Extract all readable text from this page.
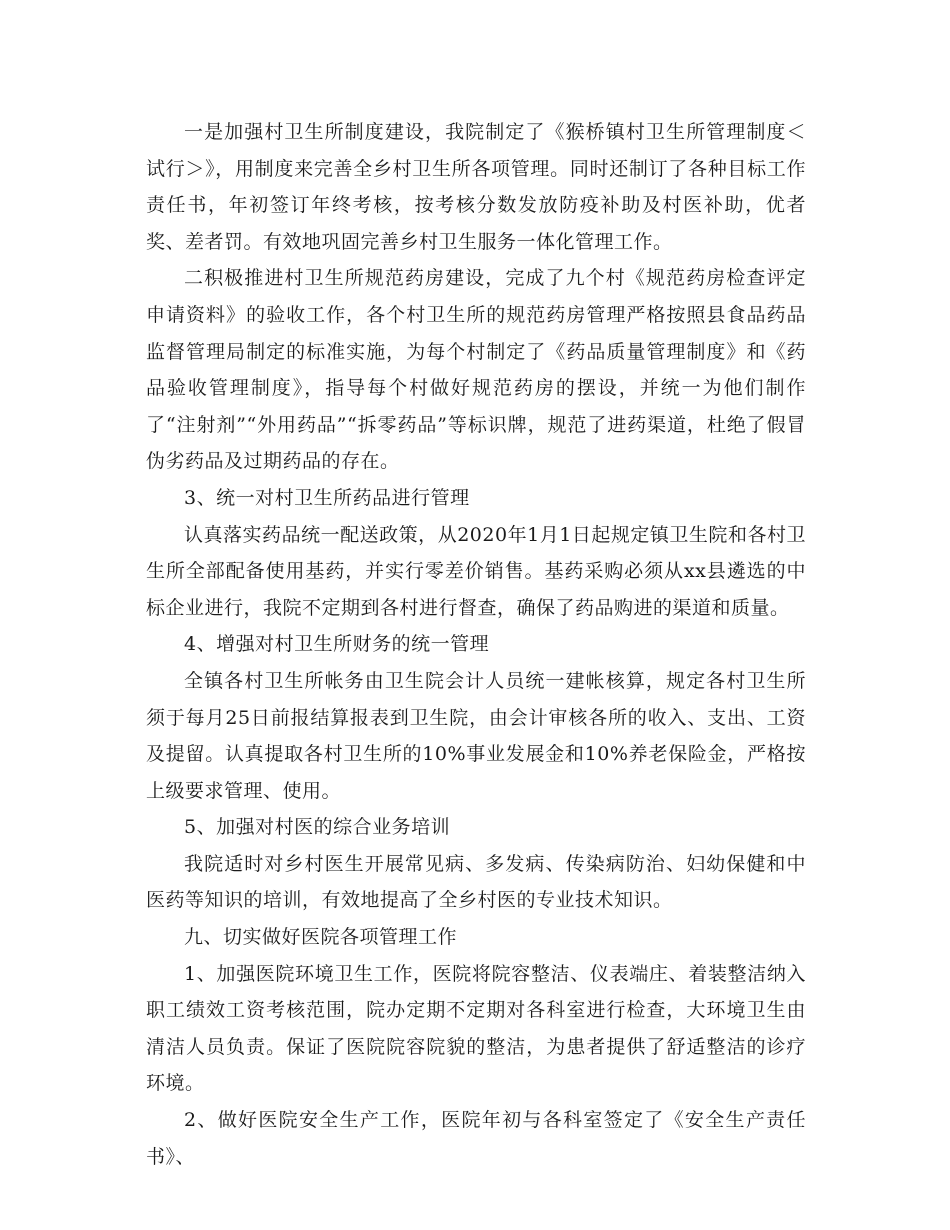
一是加强村卫生所制度建设，我院制定了《猴桥镇村卫生所管理制度＜试行＞》，用制度来完善全乡村卫生所各项管理。同时还制订了各种目标工作责任书，年初签订年终考核，按考核分数发放防疫补助及村医补助，优者奖、差者罚。有效地巩固完善乡村卫生服务一体化管理工作。

二积极推进村卫生所规范药房建设，完成了九个村《规范药房检查评定申请资料》的验收工作，各个村卫生所的规范药房管理严格按照县食品药品监督管理局制定的标准实施，为每个村制定了《药品质量管理制度》和《药品验收管理制度》，指导每个村做好规范药房的摆设，并统一为他们制作了“注射剂”“外用药品”“拆零药品”等标识牌，规范了进药渠道，杜绝了假冒伪劣药品及过期药品的存在。

3、统一对村卫生所药品进行管理

认真落实药品统一配送政策，从2020年1月1日起规定镇卫生院和各村卫生所全部配备使用基药，并实行零差价销售。基药采购必须从xx县遴选的中标企业进行，我院不定期到各村进行督查，确保了药品购进的渠道和质量。

4、增强对村卫生所财务的统一管理

全镇各村卫生所帐务由卫生院会计人员统一建帐核算，规定各村卫生所须于每月25日前报结算报表到卫生院，由会计审核各所的收入、支出、工资及提留。认真提取各村卫生所的10%事业发展金和10%养老保险金，严格按上级要求管理、使用。

5、加强对村医的综合业务培训

我院适时对乡村医生开展常见病、多发病、传染病防治、妇幼保健和中医药等知识的培训，有效地提高了全乡村医的专业技术知识。

九、切实做好医院各项管理工作

1、加强医院环境卫生工作，医院将院容整洁、仪表端庄、着装整洁纳入职工绩效工资考核范围，院办定期不定期对各科室进行检查，大环境卫生由清洁人员负责。保证了医院院容院貌的整洁，为患者提供了舒适整洁的诊疗环境。

2、做好医院安全生产工作，医院年初与各科室签定了《安全生产责任书》、
